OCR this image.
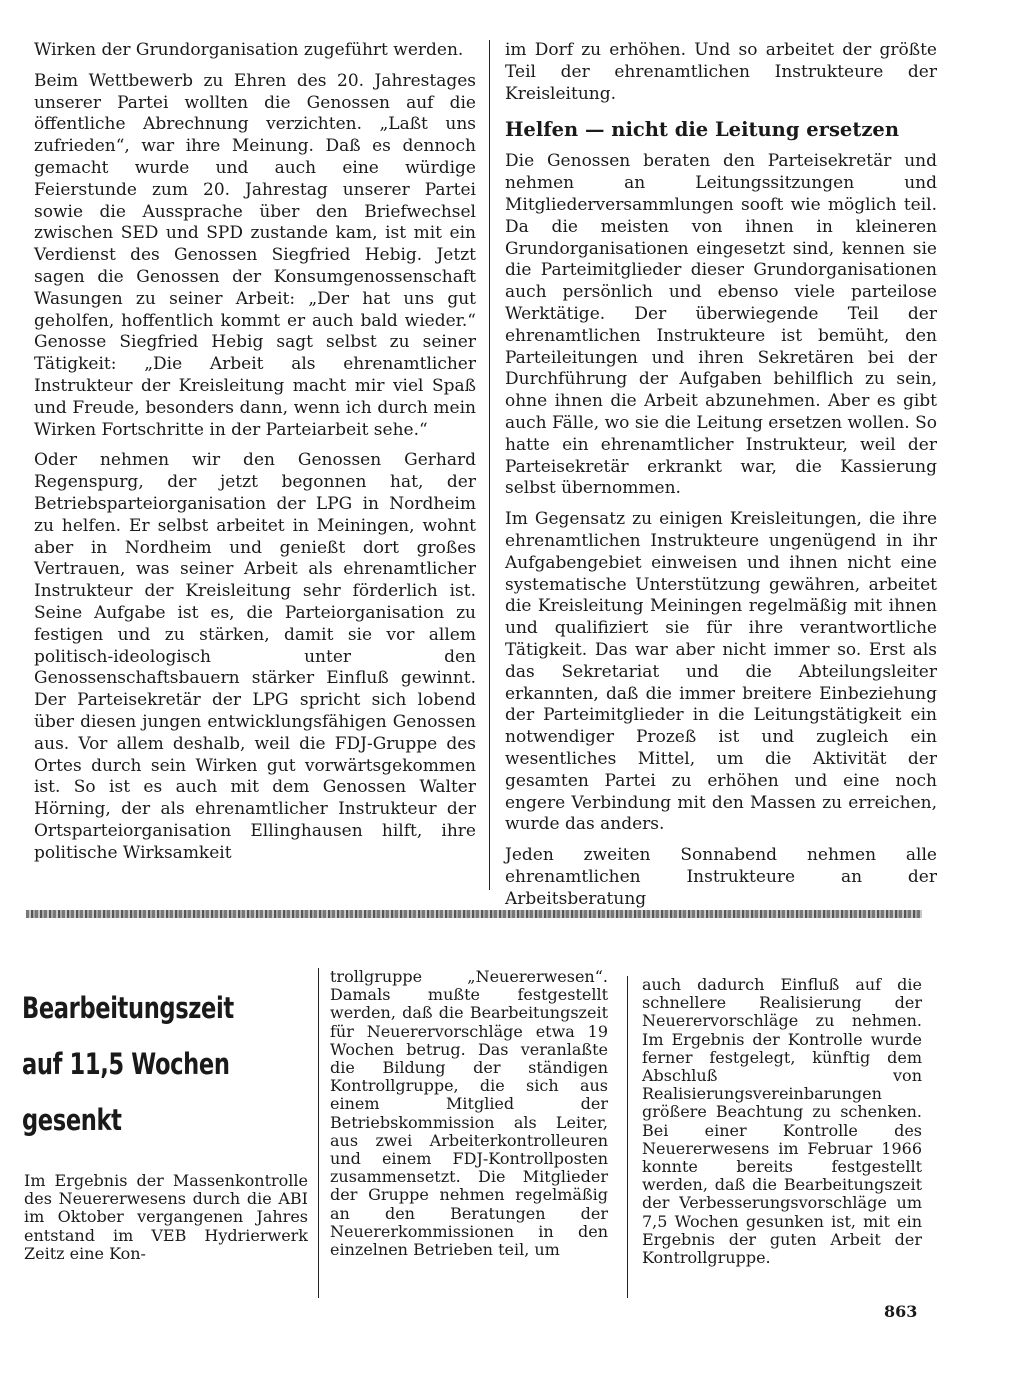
Wirken der Grundorganisation zugeführt werden.

Beim Wettbewerb zu Ehren des 20. Jahrestages unserer Partei wollten die Genossen auf die öffentliche Abrechnung verzichten. „Laßt uns zufrieden“, war ihre Meinung. Daß es dennoch gemacht wurde und auch eine würdige Feierstunde zum 20. Jahrestag unserer Partei sowie die Aussprache über den Briefwechsel zwischen SED und SPD zustande kam, ist mit ein Verdienst des Genossen Siegfried Hebig. Jetzt sagen die Genossen der Konsumgenossenschaft Wasungen zu seiner Arbeit: „Der hat uns gut geholfen, hoffentlich kommt er auch bald wieder.“ Genosse Siegfried Hebig sagt selbst zu seiner Tätigkeit: „Die Arbeit als ehrenamtlicher Instrukteur der Kreisleitung macht mir viel Spaß und Freude, besonders dann, wenn ich durch mein Wirken Fortschritte in der Parteiarbeit sehe.“

Oder nehmen wir den Genossen Gerhard Regenspurg, der jetzt begonnen hat, der Betriebsparteiorganisation der LPG in Nordheim zu helfen. Er selbst arbeitet in Meiningen, wohnt aber in Nordheim und genießt dort großes Vertrauen, was seiner Arbeit als ehrenamtlicher Instrukteur der Kreisleitung sehr förderlich ist. Seine Aufgabe ist es, die Parteiorganisation zu festigen und zu stärken, damit sie vor allem politisch-ideologisch unter den Genossenschaftsbauern stärker Einfluß gewinnt. Der Parteisekretär der LPG spricht sich lobend über diesen jungen entwicklungsfähigen Genossen aus. Vor allem deshalb, weil die FDJ-Gruppe des Ortes durch sein Wirken gut vorwärtsgekommen ist. So ist es auch mit dem Genossen Walter Hörning, der als ehrenamtlicher Instrukteur der Ortsparteiorganisation Ellinghausen hilft, ihre politische Wirksamkeit

im Dorf zu erhöhen. Und so arbeitet der größte Teil der ehrenamtlichen Instrukteure der Kreisleitung.

Helfen — nicht die Leitung ersetzen

Die Genossen beraten den Parteisekretär und nehmen an Leitungssitzungen und Mitgliederversammlungen sooft wie möglich teil. Da die meisten von ihnen in kleineren Grundorganisationen eingesetzt sind, kennen sie die Parteimitglieder dieser Grundorganisationen auch persönlich und ebenso viele parteilose Werktätige. Der überwiegende Teil der ehrenamtlichen Instrukteure ist bemüht, den Parteileitungen und ihren Sekretären bei der Durchführung der Aufgaben behilflich zu sein, ohne ihnen die Arbeit abzunehmen. Aber es gibt auch Fälle, wo sie die Leitung ersetzen wollen. So hatte ein ehrenamtlicher Instrukteur, weil der Parteisekretär erkrankt war, die Kassierung selbst übernommen.

Im Gegensatz zu einigen Kreisleitungen, die ihre ehrenamtlichen Instrukteure ungenügend in ihr Aufgabengebiet einweisen und ihnen nicht eine systematische Unterstützung gewähren, arbeitet die Kreisleitung Meiningen regelmäßig mit ihnen und qualifiziert sie für ihre verantwortliche Tätigkeit. Das war aber nicht immer so. Erst als das Sekretariat und die Abteilungsleiter erkannten, daß die immer breitere Einbeziehung der Parteimitglieder in die Leitungstätigkeit ein notwendiger Prozeß ist und zugleich ein wesentliches Mittel, um die Aktivität der gesamten Partei zu erhöhen und eine noch engere Verbindung mit den Massen zu erreichen, wurde das anders.

Jeden zweiten Sonnabend nehmen alle ehrenamtlichen Instrukteure an der Arbeitsberatung

Bearbeitungszeit
auf 11,5 Wochen
gesenkt
Im Ergebnis der Massenkontrolle des Neuererwesens durch die ABI im Oktober vergangenen Jahres entstand im VEB Hydrierwerk Zeitz eine Kon-
trollgruppe „Neuererwesen“. Damals mußte festgestellt werden, daß die Bearbeitungszeit für Neuerervorschläge etwa 19 Wochen betrug. Das veranlaßte die Bildung der ständigen Kontrollgruppe, die sich aus einem Mitglied der Betriebskommission als Leiter, aus zwei Arbeiterkontrolleuren und einem FDJ-Kontrollposten zusammensetzt. Die Mitglieder der Gruppe nehmen regelmäßig an den Beratungen der Neuererkommissionen in den einzelnen Betrieben teil, um
auch dadurch Einfluß auf die schnellere Realisierung der Neuerervorschläge zu nehmen. Im Ergebnis der Kontrolle wurde ferner festgelegt, künftig dem Abschluß von Realisierungsvereinbarungen größere Beachtung zu schenken. Bei einer Kontrolle des Neuererwesens im Februar 1966 konnte bereits festgestellt werden, daß die Bearbeitungszeit der Verbesserungsvorschläge um 7,5 Wochen gesunken ist, mit ein Ergebnis der guten Arbeit der Kontrollgruppe.
863
